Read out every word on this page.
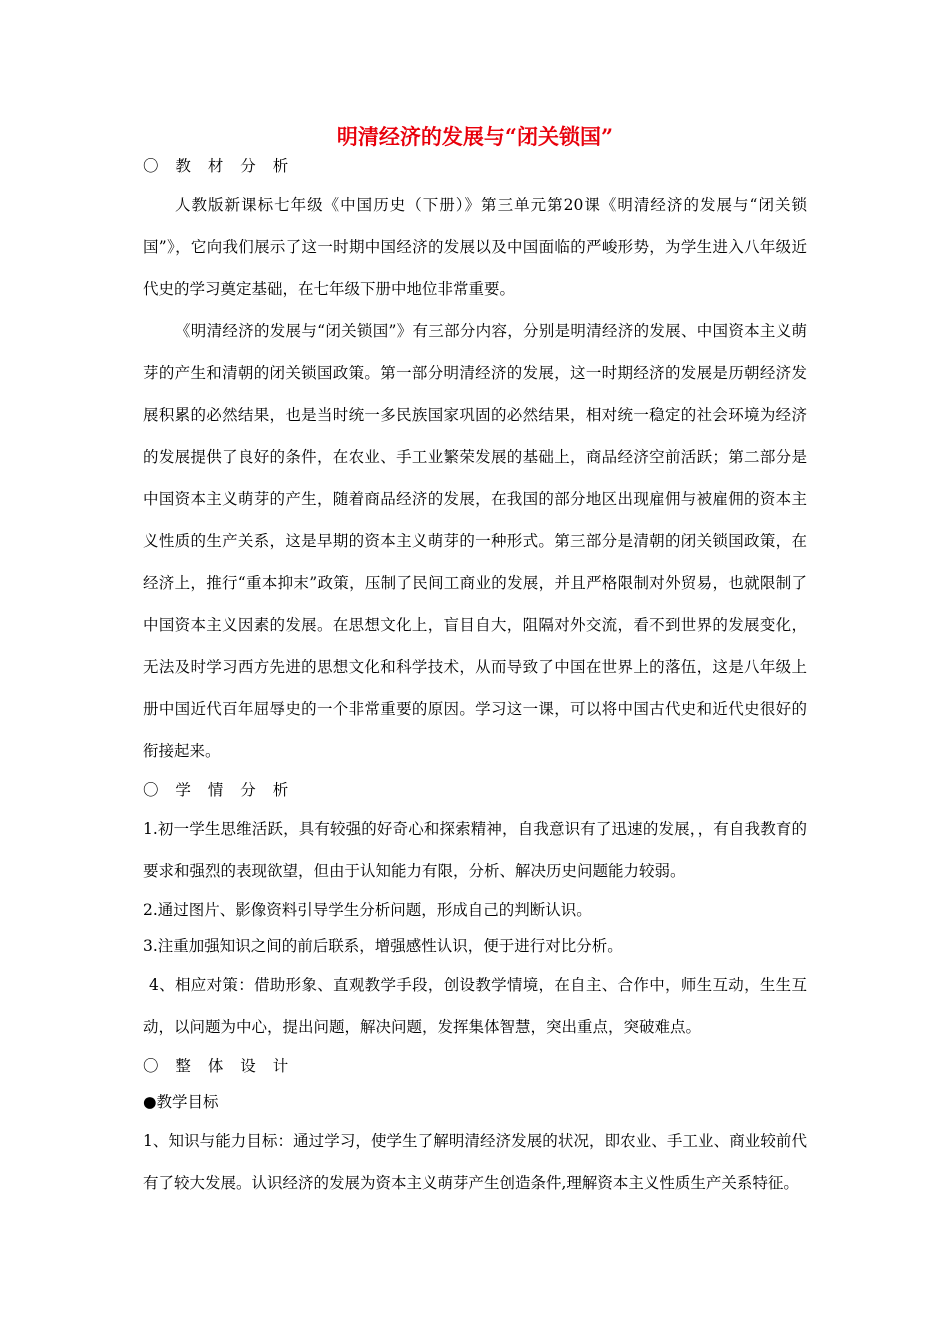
明清经济的发展与“闭关锁国”

〇 教 材 分 析

人教版新课标七年级《中国历史（下册）》第三单元第20课《明清经济的发展与“闭关锁国”》，它向我们展示了这一时期中国经济的发展以及中国面临的严峻形势，为学生进入八年级近代史的学习奠定基础，在七年级下册中地位非常重要。

《明清经济的发展与“闭关锁国”》有三部分内容，分别是明清经济的发展、中国资本主义萌芽的产生和清朝的闭关锁国政策。第一部分明清经济的发展，这一时期经济的发展是历朝经济发展积累的必然结果，也是当时统一多民族国家巩固的必然结果，相对统一稳定的社会环境为经济的发展提供了良好的条件，在农业、手工业繁荣发展的基础上，商品经济空前活跃；第二部分是中国资本主义萌芽的产生，随着商品经济的发展，在我国的部分地区出现雇佣与被雇佣的资本主义性质的生产关系，这是早期的资本主义萌芽的一种形式。第三部分是清朝的闭关锁国政策，在经济上，推行“重本抑末”政策，压制了民间工商业的发展，并且严格限制对外贸易，也就限制了中国资本主义因素的发展。在思想文化上，盲目自大，阻隔对外交流，看不到世界的发展变化，无法及时学习西方先进的思想文化和科学技术，从而导致了中国在世界上的落伍，这是八年级上册中国近代百年屈辱史的一个非常重要的原因。学习这一课，可以将中国古代史和近代史很好的衔接起来。

〇 学 情 分 析

1.初一学生思维活跃，具有较强的好奇心和探索精神，自我意识有了迅速的发展，，有自我教育的要求和强烈的表现欲望，但由于认知能力有限，分析、解决历史问题能力较弱。

2.通过图片、影像资料引导学生分析问题，形成自己的判断认识。

3.注重加强知识之间的前后联系，增强感性认识，便于进行对比分析。

4、相应对策：借助形象、直观教学手段，创设教学情境，在自主、合作中，师生互动，生生互动，以问题为中心，提出问题，解决问题，发挥集体智慧，突出重点，突破难点。

〇 整 体 设 计

●教学目标

1、知识与能力目标：通过学习，使学生了解明清经济发展的状况，即农业、手工业、商业较前代有了较大发展。认识经济的发展为资本主义萌芽产生创造条件,理解资本主义性质生产关系特征。
